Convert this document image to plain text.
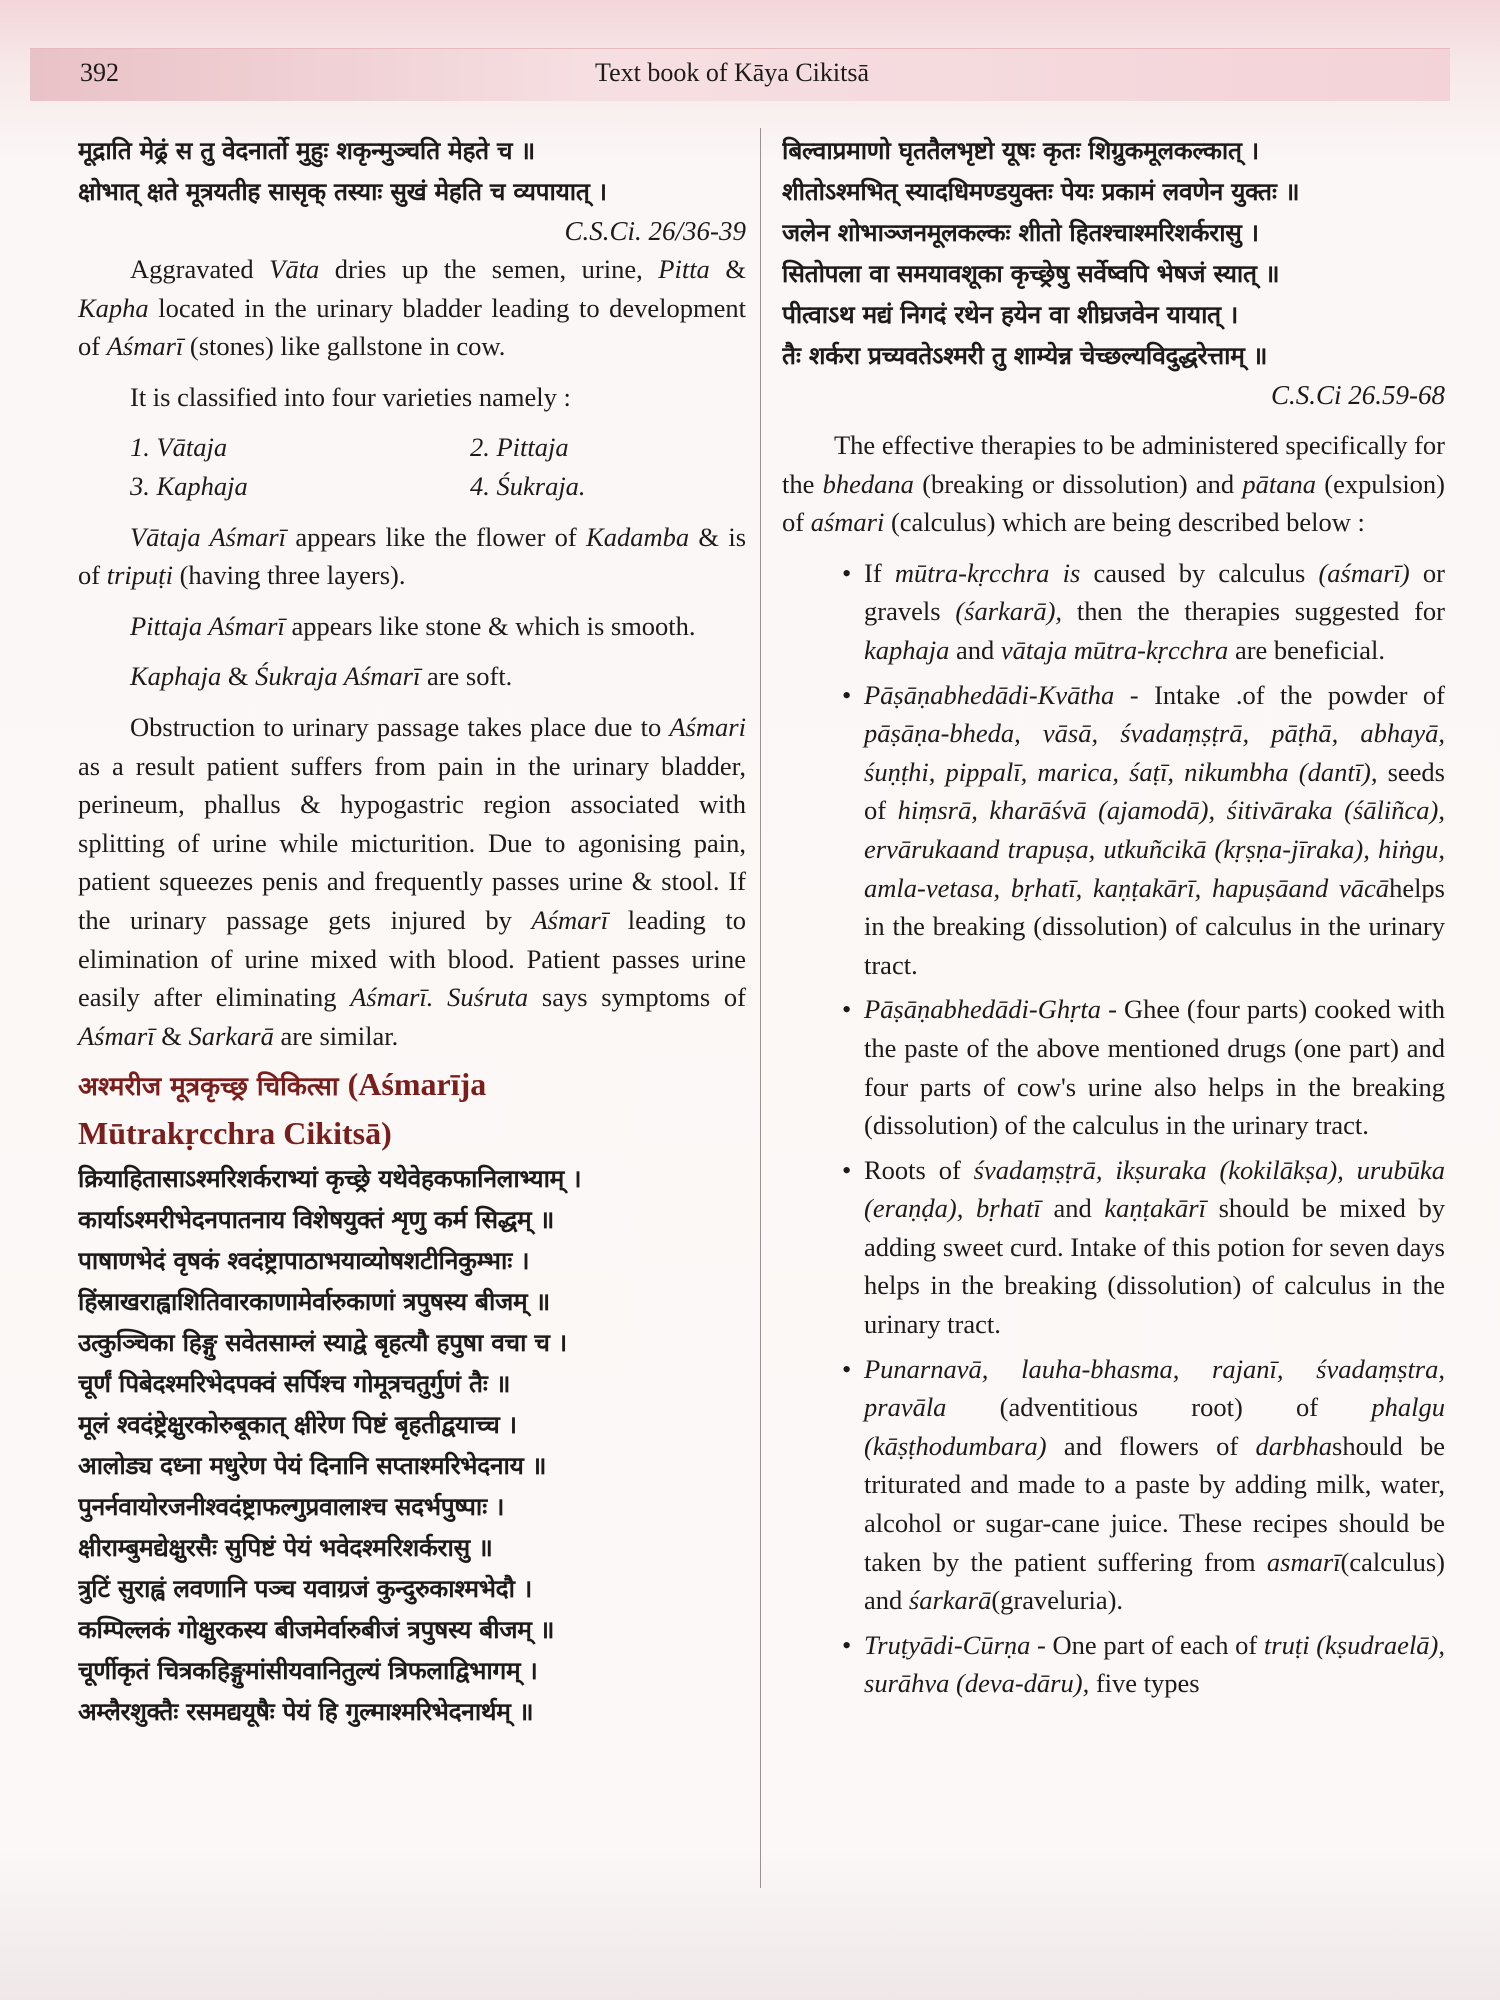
392	Text book of Kāya Cikitsā
मूद्राति मेढ्रं स तु वेदनार्तो मुहुः शकृन्मुञ्चति मेहते च ॥
क्षोभात् क्षते मूत्रयतीह सासृक् तस्याः सुखं मेहति च व्यपायात् ।
C.S.Ci. 26/36-39

Aggravated Vāta dries up the semen, urine, Pitta & Kapha located in the urinary bladder leading to development of Aśmarī (stones) like gallstone in cow.

It is classified into four varieties namely :

1. Vātaja	2. Pittaja
3. Kaphaja	4. Śukraja.

Vātaja Aśmarī appears like the flower of Kadamba & is of tripuṭi (having three layers).

Pittaja Aśmarī appears like stone & which is smooth.

Kaphaja & Śukraja Aśmarī are soft.

Obstruction to urinary passage takes place due to Aśmari as a result patient suffers from pain in the urinary bladder, perineum, phallus & hypogastric region associated with splitting of urine while micturition. Due to agonising pain, patient squeezes penis and frequently passes urine & stool. If the urinary passage gets injured by Aśmarī leading to elimination of urine mixed with blood. Patient passes urine easily after eliminating Aśmarī. Suśruta says symptoms of Aśmarī & Sarkarā are similar.

अश्मरीज मूत्रकृच्छ्र चिकित्सा (Aśmarīja
Mūtrakṛcchra Cikitsā)
क्रियाहितासाऽश्मरिशर्कराभ्यां कृच्छ्रे यथेवेहकफानिलाभ्याम् ।
कार्याऽश्मरीभेदनपातनाय विशेषयुक्तं शृणु कर्म सिद्धम् ॥
पाषाणभेदं वृषकं श्वदंष्ट्रापाठाभयाव्योषशटीनिकुम्भाः ।
हिंस्राखराह्वाशितिवारकाणामेर्वारुकाणां त्रपुषस्य बीजम् ॥
उत्कुञ्चिका हिङ्गु सवेतसाम्लं स्याद्वे बृहत्यौ हपुषा वचा च ।
चूर्णं पिबेदश्मरिभेदपक्वं सर्पिश्च गोमूत्रचतुर्गुणं तैः ॥
मूलं श्वदंष्ट्रेक्षुरकोरुबूकात् क्षीरेण पिष्टं बृहतीद्वयाच्च ।
आलोड्य दध्ना मधुरेण पेयं दिनानि सप्ताश्मरिभेदनाय ॥
पुनर्नवायोरजनीश्वदंष्ट्राफल्गुप्रवालाश्च सदर्भपुष्पाः ।
क्षीराम्बुमद्येक्षुरसैः सुपिष्टं पेयं भवेदश्मरिशर्करासु ॥
त्रुटिं सुराह्वं लवणानि पञ्च यवाग्रजं कुन्दुरुकाश्मभेदौ ।
कम्पिल्लकं गोक्षुरकस्य बीजमेर्वारुबीजं त्रपुषस्य बीजम् ॥
चूर्णीकृतं चित्रकहिङ्गुमांसीयवानितुल्यं त्रिफलाद्विभागम् ।
अम्लैरशुक्तैः रसमद्ययूषैः पेयं हि गुल्माश्मरिभेदनार्थम् ॥
बिल्वाप्रमाणो घृततैलभृष्टो यूषः कृतः शिग्रुकमूलकल्कात् ।
शीतोऽश्मभित् स्यादधिमण्डयुक्तः पेयः प्रकामं लवणेन युक्तः ॥
जलेन शोभाञ्जनमूलकल्कः शीतो हितश्चाश्मरिशर्करासु ।
सितोपला वा समयावशूका कृच्छ्रेषु सर्वेष्वपि भेषजं स्यात् ॥
पीत्वाऽथ मद्यं निगदं रथेन हयेन वा शीघ्रजवेन यायात् ।
तैः शर्करा प्रच्यवतेऽश्मरी तु शाम्येन्न चेच्छल्यविदुद्धरेत्ताम् ॥
C.S.Ci 26.59-68

The effective therapies to be administered specifically for the bhedana (breaking or dissolution) and pātana (expulsion) of aśmari (calculus) which are being described below :

• If mūtra-kṛcchra is caused by calculus (aśmarī) or gravels (śarkarā), then the therapies suggested for kaphaja and vātaja mūtra-kṛcchra are beneficial.
• Pāṣāṇabhedādi-Kvātha - Intake .of the powder of pāṣāṇa-bheda, vāsā, śvadaṃṣṭrā, pāṭhā, abhayā, śuṇṭhi, pippalī, marica, śaṭī, nikumbha (dantī), seeds of hiṃsrā, kharāśvā (ajamodā), śitivāraka (śāliñca), ervārukaand trapuṣa, utkuñcikā (kṛṣṇa-jīraka), hiṅgu, amla-vetasa, bṛhatī, kaṇṭakārī, hapuṣāand vācāhelps in the breaking (dissolution) of calculus in the urinary tract.
• Pāṣāṇabhedādi-Ghṛta - Ghee (four parts) cooked with the paste of the above mentioned drugs (one part) and four parts of cow's urine also helps in the breaking (dissolution) of the calculus in the urinary tract.
• Roots of śvadaṃṣṭrā, ikṣuraka (kokilākṣa), urubūka (eraṇḍa), bṛhatī and kaṇṭakārī should be mixed by adding sweet curd. Intake of this potion for seven days helps in the breaking (dissolution) of calculus in the urinary tract.
• Punarnavā, lauha-bhasma, rajanī, śvadaṃṣtra, pravāla (adventitious root) of phalgu (kāṣṭhodumbara) and flowers of darbhashould be triturated and made to a paste by adding milk, water, alcohol or sugar-cane juice. These recipes should be taken by the patient suffering from asmarī(calculus) and śarkarā(graveluria).
• Truṭyādi-Cūrṇa - One part of each of truṭi (kṣudraelā), surāhva (deva-dāru), five types
